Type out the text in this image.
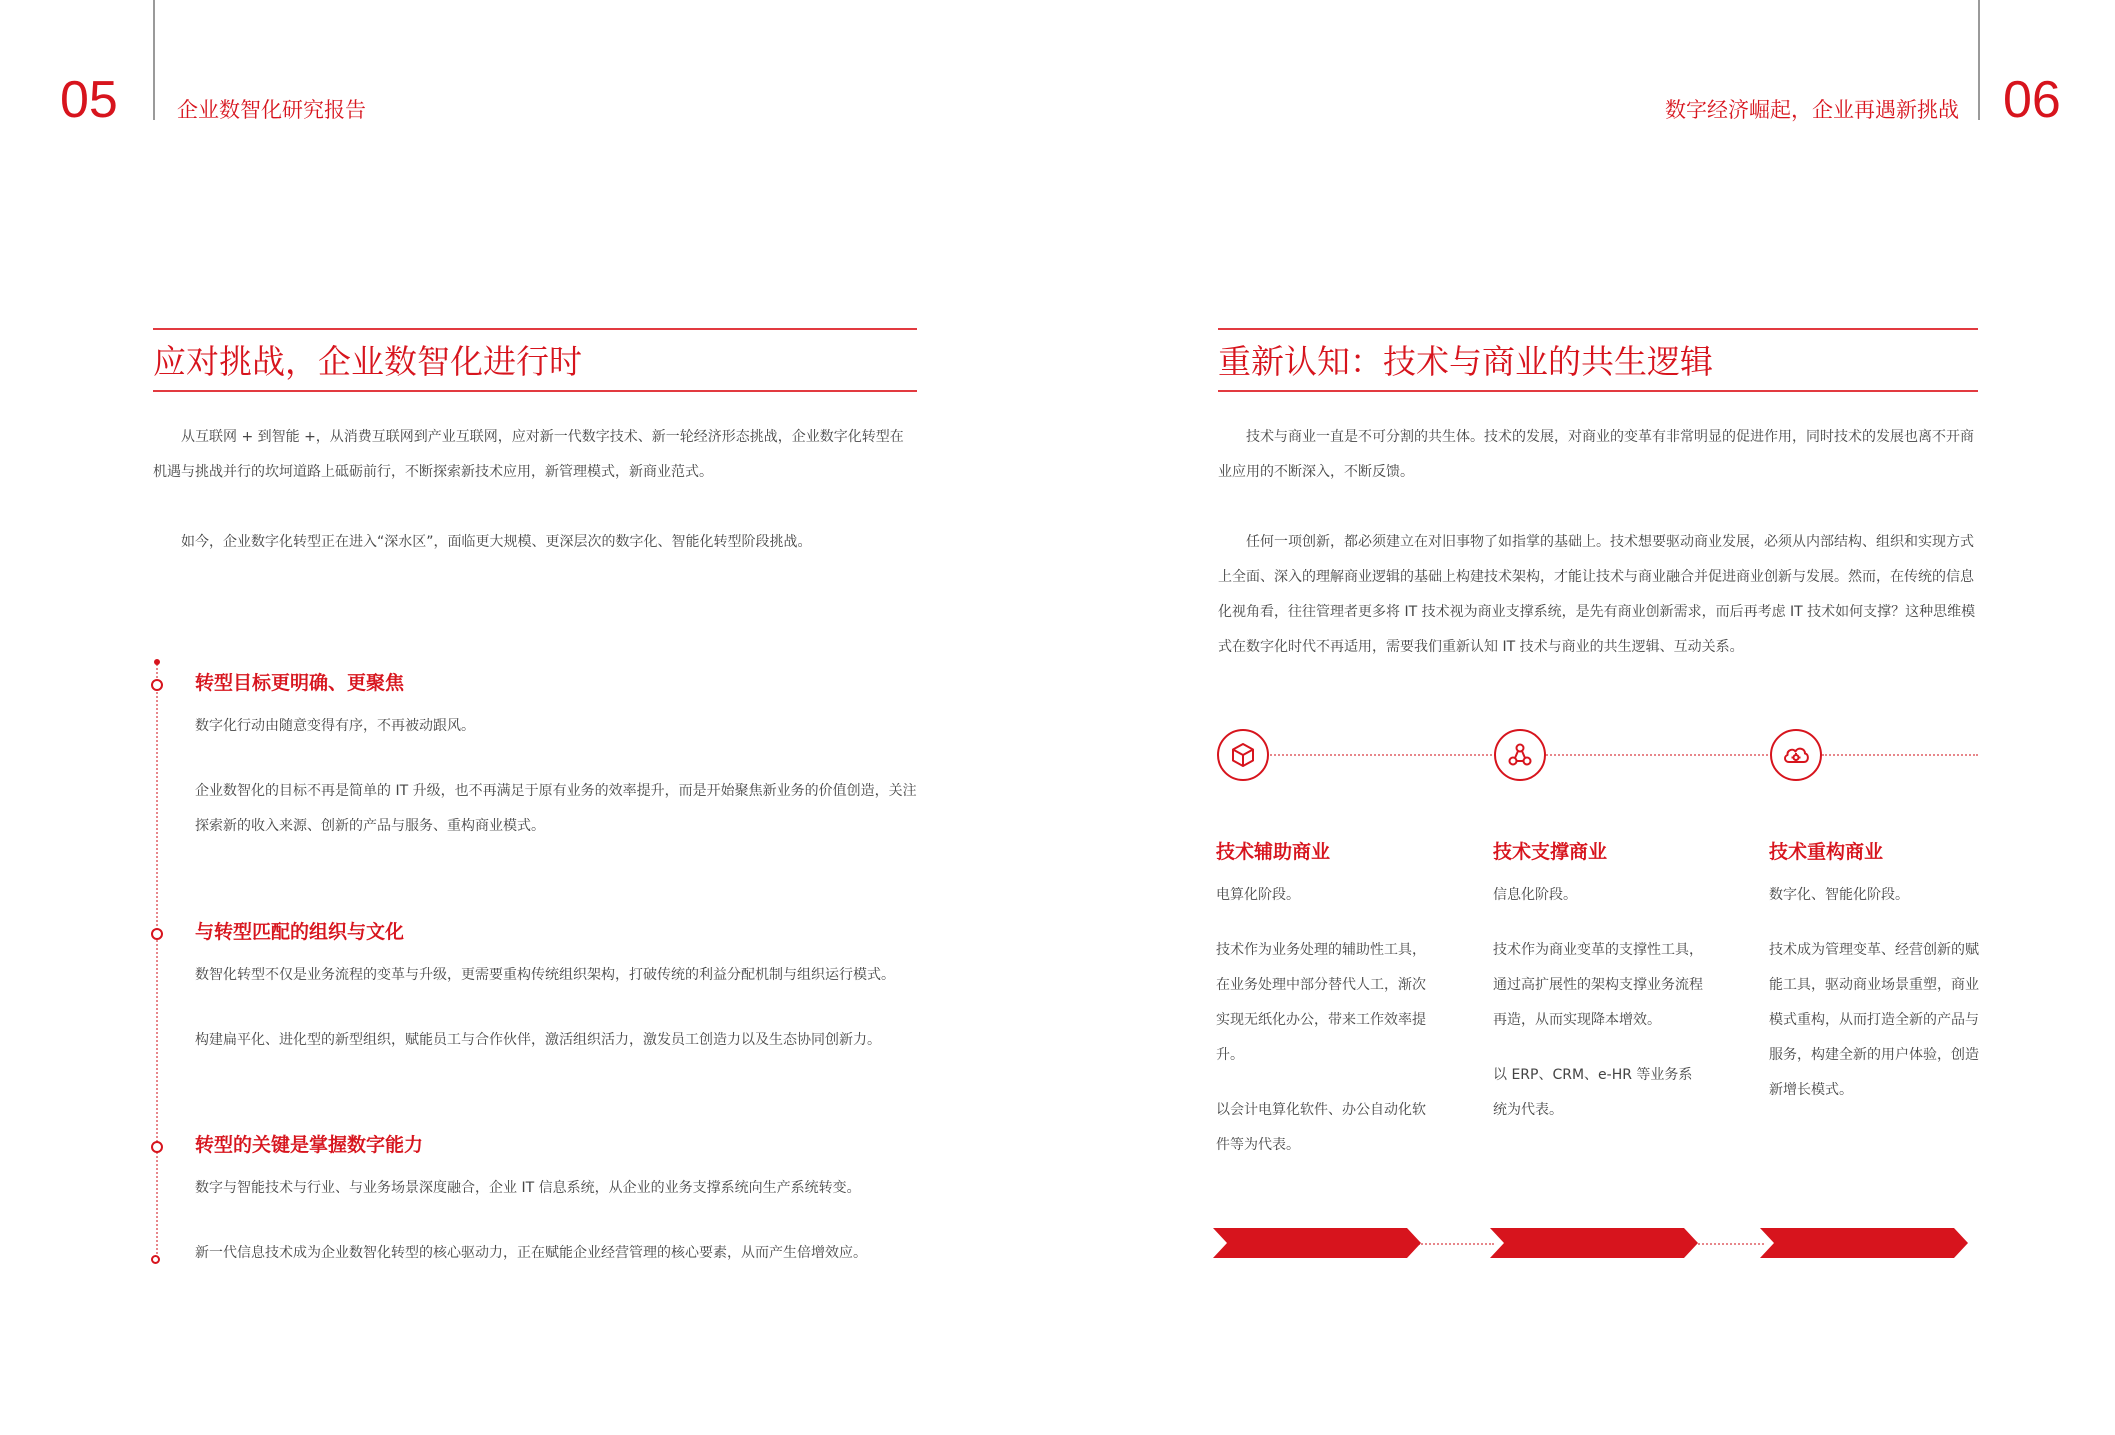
05	企业数智化研究报告	数字经济崛起，企业再遇新挑战 06
应对挑战，企业数智化进行时

从互联网 + 到智能 +，从消费互联网到产业互联网，应对新一代数字技术、新一轮经济形态挑战，企业数字化转型在机遇与挑战并行的坎坷道路上砥砺前行，不断探索新技术应用，新管理模式，新商业范式。

如今，企业数字化转型正在进入“深水区”，面临更大规模、更深层次的数字化、智能化转型阶段挑战。

转型目标更明确、更聚焦

数字化行动由随意变得有序，不再被动跟风。

企业数智化的目标不再是简单的 IT 升级，也不再满足于原有业务的效率提升，而是开始聚焦新业务的价值创造，关注探索新的收入来源、创新的产品与服务、重构商业模式。

与转型匹配的组织与文化

数智化转型不仅是业务流程的变革与升级，更需要重构传统组织架构，打破传统的利益分配机制与组织运行模式。

构建扁平化、进化型的新型组织，赋能员工与合作伙伴，激活组织活力，激发员工创造力以及生态协同创新力。

转型的关键是掌握数字能力

数字与智能技术与行业、与业务场景深度融合，企业 IT 信息系统，从企业的业务支撑系统向生产系统转变。

新一代信息技术成为企业数智化转型的核心驱动力，正在赋能企业经营管理的核心要素，从而产生倍增效应。

重新认知：技术与商业的共生逻辑

技术与商业一直是不可分割的共生体。技术的发展，对商业的变革有非常明显的促进作用，同时技术的发展也离不开商业应用的不断深入，不断反馈。

任何一项创新，都必须建立在对旧事物了如指掌的基础上。技术想要驱动商业发展，必须从内部结构、组织和实现方式上全面、深入的理解商业逻辑的基础上构建技术架构，才能让技术与商业融合并促进商业创新与发展。然而，在传统的信息化视角看，往往管理者更多将 IT 技术视为商业支撑系统，是先有商业创新需求，而后再考虑 IT 技术如何支撑？这种思维模式在数字化时代不再适用，需要我们重新认知 IT 技术与商业的共生逻辑、互动关系。

技术辅助商业

电算化阶段。

技术作为业务处理的辅助性工具，在业务处理中部分替代人工，渐次实现无纸化办公，带来工作效率提升。

以会计电算化软件、办公自动化软件等为代表。

技术支撑商业

信息化阶段。

技术作为商业变革的支撑性工具，通过高扩展性的架构支撑业务流程再造，从而实现降本增效。

以 ERP、CRM、e-HR 等业务系统为代表。

技术重构商业

数字化、智能化阶段。

技术成为管理变革、经营创新的赋能工具，驱动商业场景重塑，商业模式重构，从而打造全新的产品与服务，构建全新的用户体验，创造新增长模式。
